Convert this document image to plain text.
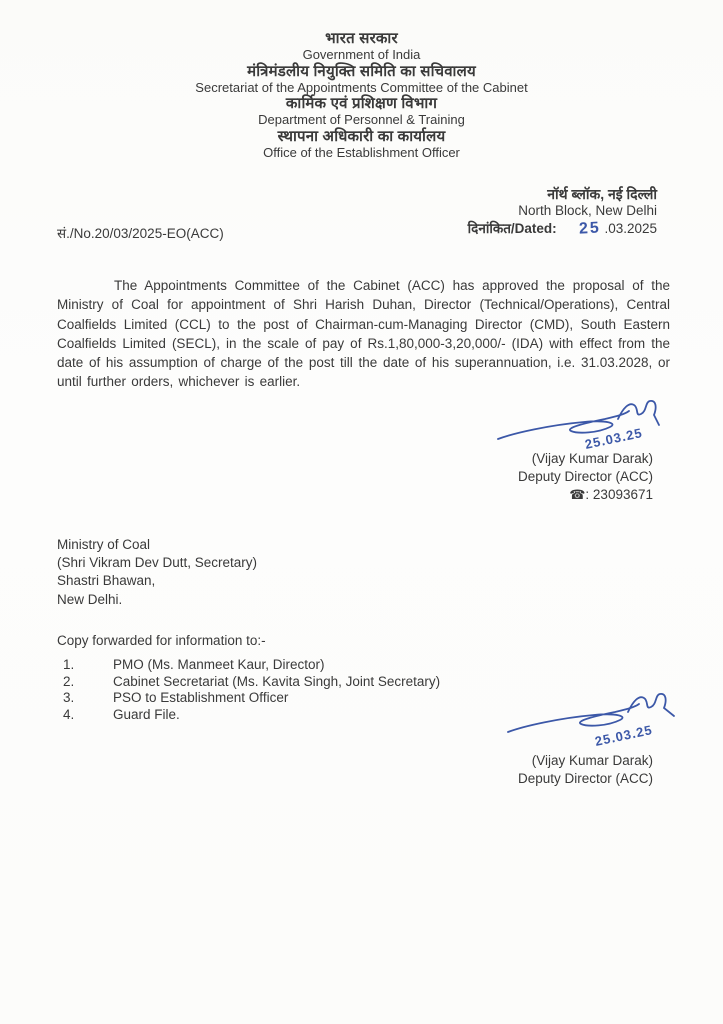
भारत सरकार
Government of India
मंत्रिमंडलीय नियुक्ति समिति का सचिवालय
Secretariat of the Appointments Committee of the Cabinet
कार्मिक एवं प्रशिक्षण विभाग
Department of Personnel & Training
स्थापना अधिकारी का कार्यालय
Office of the Establishment Officer
नॉर्थ ब्लॉक, नई दिल्ली
North Block, New Delhi
दिनांकित/Dated: 25 .03.2025
सं./No.20/03/2025-EO(ACC)

The Appointments Committee of the Cabinet (ACC) has approved the proposal of the Ministry of Coal for appointment of Shri Harish Duhan, Director (Technical/Operations), Central Coalfields Limited (CCL) to the post of Chairman-cum-Managing Director (CMD), South Eastern Coalfields Limited (SECL), in the scale of pay of Rs.1,80,000-3,20,000/- (IDA) with effect from the date of his assumption of charge of the post till the date of his superannuation, i.e. 31.03.2028, or until further orders, whichever is earlier.

25.03.25
(Vijay Kumar Darak)
Deputy Director (ACC)
☎: 23093671
Ministry of Coal
(Shri Vikram Dev Dutt, Secretary)
Shastri Bhawan,
New Delhi.
Copy forwarded for information to:-
1.	PMO (Ms. Manmeet Kaur, Director)
2.	Cabinet Secretariat (Ms. Kavita Singh, Joint Secretary)
3.	PSO to Establishment Officer
4.	Guard File.
25.03.25
(Vijay Kumar Darak)
Deputy Director (ACC)
